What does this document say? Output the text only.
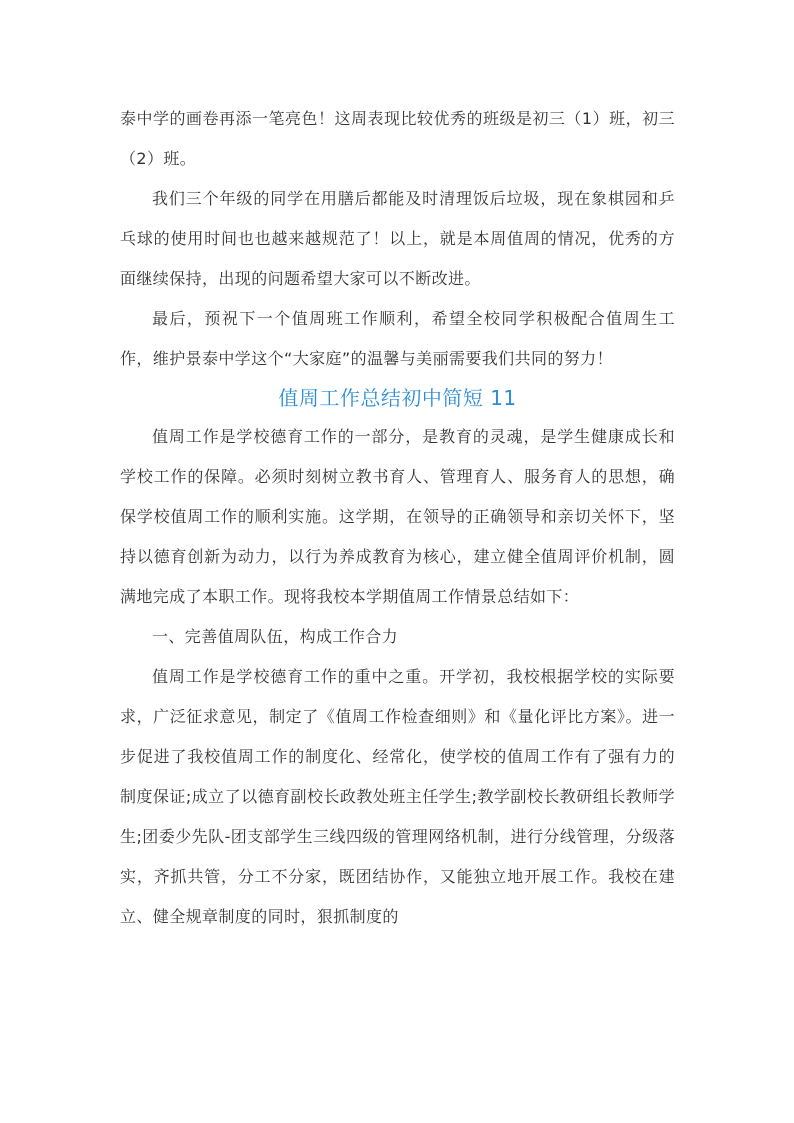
泰中学的画卷再添一笔亮色！这周表现比较优秀的班级是初三（1）班，初三（2）班。

我们三个年级的同学在用膳后都能及时清理饭后垃圾，现在象棋园和乒乓球的使用时间也也越来越规范了！以上，就是本周值周的情况，优秀的方面继续保持，出现的问题希望大家可以不断改进。

最后，预祝下一个值周班工作顺利，希望全校同学积极配合值周生工作，维护景泰中学这个“大家庭”的温馨与美丽需要我们共同的努力！

值周工作总结初中简短 11

值周工作是学校德育工作的一部分，是教育的灵魂，是学生健康成长和学校工作的保障。必须时刻树立教书育人、管理育人、服务育人的思想，确保学校值周工作的顺利实施。这学期，在领导的正确领导和亲切关怀下，坚持以德育创新为动力，以行为养成教育为核心，建立健全值周评价机制，圆满地完成了本职工作。现将我校本学期值周工作情景总结如下：

一、完善值周队伍，构成工作合力

值周工作是学校德育工作的重中之重。开学初，我校根据学校的实际要求，广泛征求意见，制定了《值周工作检查细则》和《量化评比方案》。进一步促进了我校值周工作的制度化、经常化，使学校的值周工作有了强有力的制度保证;成立了以德育副校长政教处班主任学生;教学副校长教研组长教师学生;团委少先队-团支部学生三线四级的管理网络机制，进行分线管理，分级落实，齐抓共管，分工不分家，既团结协作，又能独立地开展工作。我校在建立、健全规章制度的同时，狠抓制度的
